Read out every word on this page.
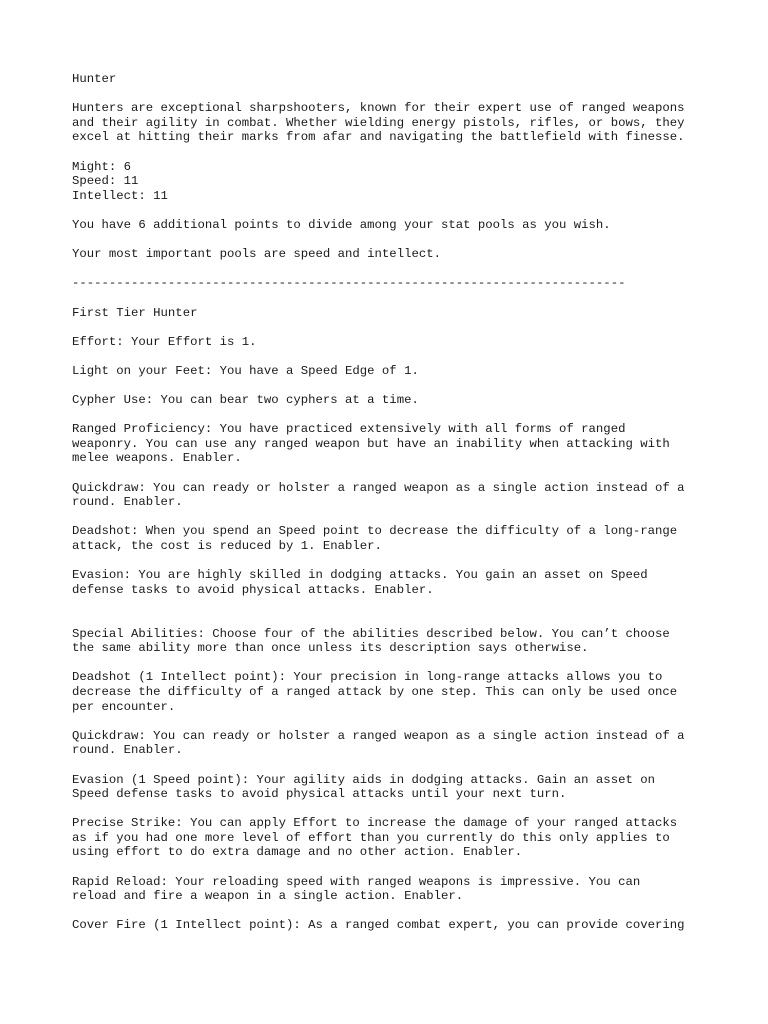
Hunter
Hunters are exceptional sharpshooters, known for their expert use of ranged weapons
and their agility in combat. Whether wielding energy pistols, rifles, or bows, they
excel at hitting their marks from afar and navigating the battlefield with finesse.
Might: 6
Speed: 11
Intellect: 11
You have 6 additional points to divide among your stat pools as you wish.
Your most important pools are speed and intellect.
---------------------------------------------------------------------------
First Tier Hunter
Effort: Your Effort is 1.
Light on your Feet: You have a Speed Edge of 1.
Cypher Use: You can bear two cyphers at a time.
Ranged Proficiency: You have practiced extensively with all forms of ranged
weaponry. You can use any ranged weapon but have an inability when attacking with
melee weapons. Enabler.
Quickdraw: You can ready or holster a ranged weapon as a single action instead of a
round. Enabler.
Deadshot: When you spend an Speed point to decrease the difficulty of a long-range
attack, the cost is reduced by 1. Enabler.
Evasion: You are highly skilled in dodging attacks. You gain an asset on Speed
defense tasks to avoid physical attacks. Enabler.
Special Abilities: Choose four of the abilities described below. You can’t choose
the same ability more than once unless its description says otherwise.
Deadshot (1 Intellect point): Your precision in long-range attacks allows you to
decrease the difficulty of a ranged attack by one step. This can only be used once
per encounter.
Quickdraw: You can ready or holster a ranged weapon as a single action instead of a
round. Enabler.
Evasion (1 Speed point): Your agility aids in dodging attacks. Gain an asset on
Speed defense tasks to avoid physical attacks until your next turn.
Precise Strike: You can apply Effort to increase the damage of your ranged attacks
as if you had one more level of effort than you currently do this only applies to
using effort to do extra damage and no other action. Enabler.
Rapid Reload: Your reloading speed with ranged weapons is impressive. You can
reload and fire a weapon in a single action. Enabler.
Cover Fire (1 Intellect point): As a ranged combat expert, you can provide covering
